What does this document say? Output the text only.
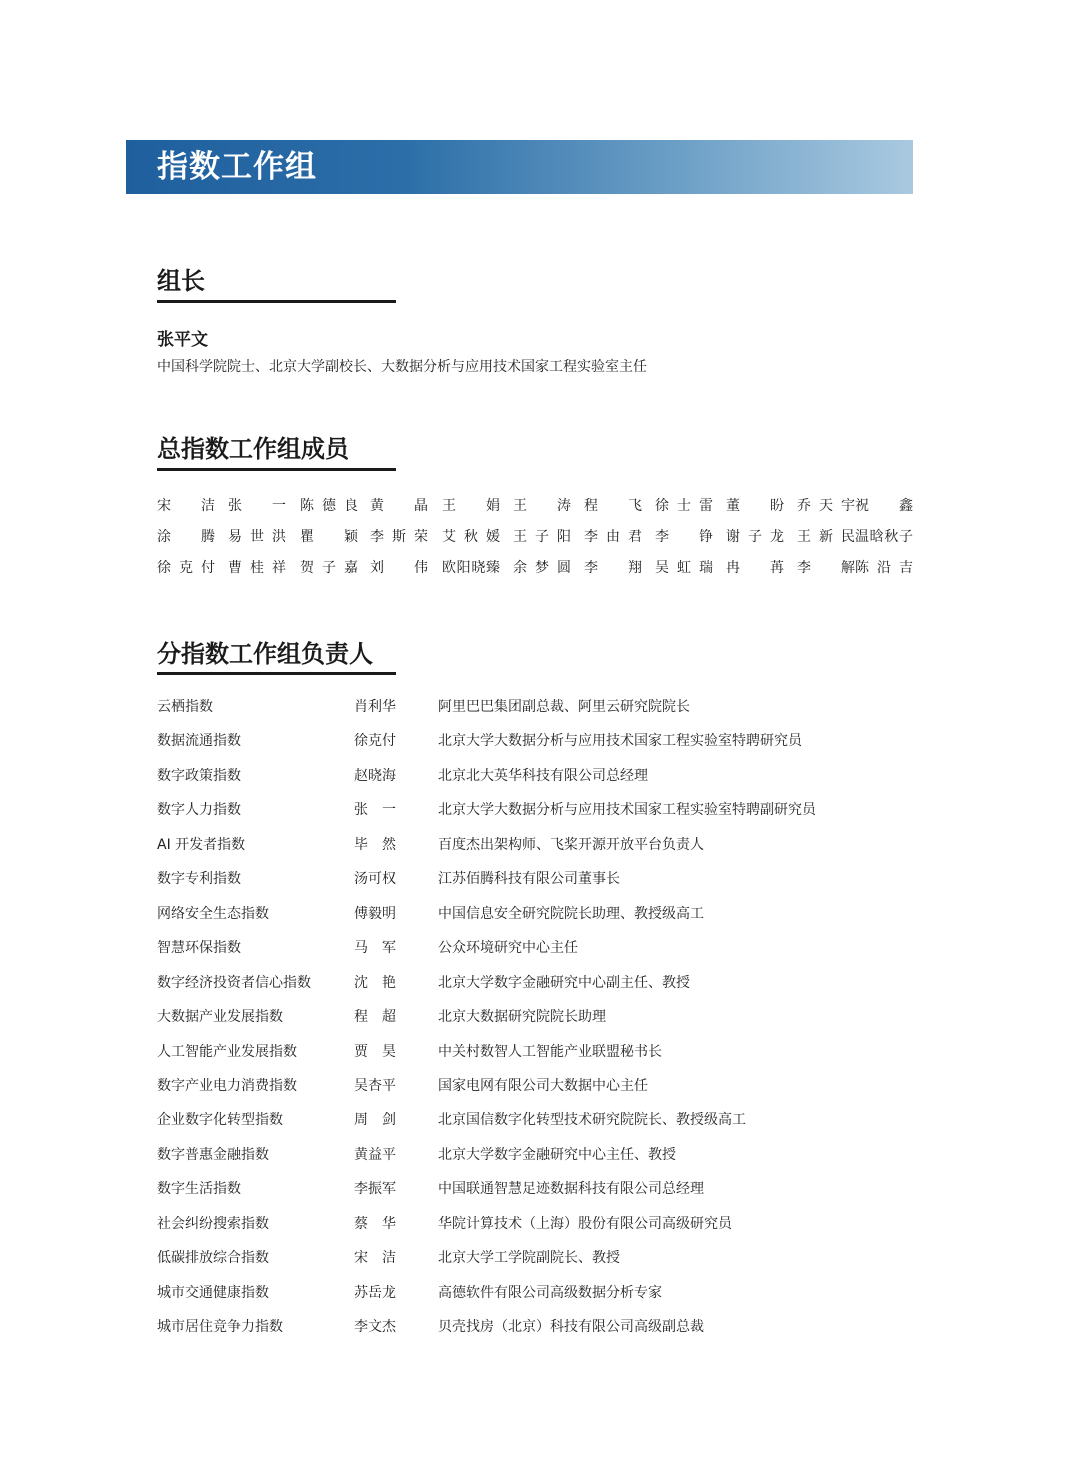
指数工作组
组长
张平文
中国科学院院士、北京大学副校长、大数据分析与应用技术国家工程实验室主任
总指数工作组成员
宋　洁 张　一 陈德良 黄　晶 王　娟 王　涛 程　飞 徐士雷 董　盼 乔天宇 祝　鑫
涂　腾 易世洪 瞿　颖 李斯荣 艾秋媛 王子阳 李由君 李　铮 谢子龙 王新民 温晗秋子
徐克付 曹桂祥 贺子嘉 刘　伟 欧阳晓臻 余梦圆 李　翔 吴虹瑞 冉　苒 李　解 陈沿吉
分指数工作组负责人
云栖指数	肖利华	阿里巴巴集团副总裁、阿里云研究院院长
数据流通指数	徐克付	北京大学大数据分析与应用技术国家工程实验室特聘研究员
数字政策指数	赵晓海	北京北大英华科技有限公司总经理
数字人力指数	张　一	北京大学大数据分析与应用技术国家工程实验室特聘副研究员
AI 开发者指数	毕　然	百度杰出架构师、飞桨开源开放平台负责人
数字专利指数	汤可权	江苏佰腾科技有限公司董事长
网络安全生态指数	傅毅明	中国信息安全研究院院长助理、教授级高工
智慧环保指数	马　军	公众环境研究中心主任
数字经济投资者信心指数	沈　艳	北京大学数字金融研究中心副主任、教授
大数据产业发展指数	程　超	北京大数据研究院院长助理
人工智能产业发展指数	贾　昊	中关村数智人工智能产业联盟秘书长
数字产业电力消费指数	吴杏平	国家电网有限公司大数据中心主任
企业数字化转型指数	周　剑	北京国信数字化转型技术研究院院长、教授级高工
数字普惠金融指数	黄益平	北京大学数字金融研究中心主任、教授
数字生活指数	李振军	中国联通智慧足迹数据科技有限公司总经理
社会纠纷搜索指数	蔡　华	华院计算技术（上海）股份有限公司高级研究员
低碳排放综合指数	宋　洁	北京大学工学院副院长、教授
城市交通健康指数	苏岳龙	高德软件有限公司高级数据分析专家
城市居住竞争力指数	李文杰	贝壳找房（北京）科技有限公司高级副总裁
